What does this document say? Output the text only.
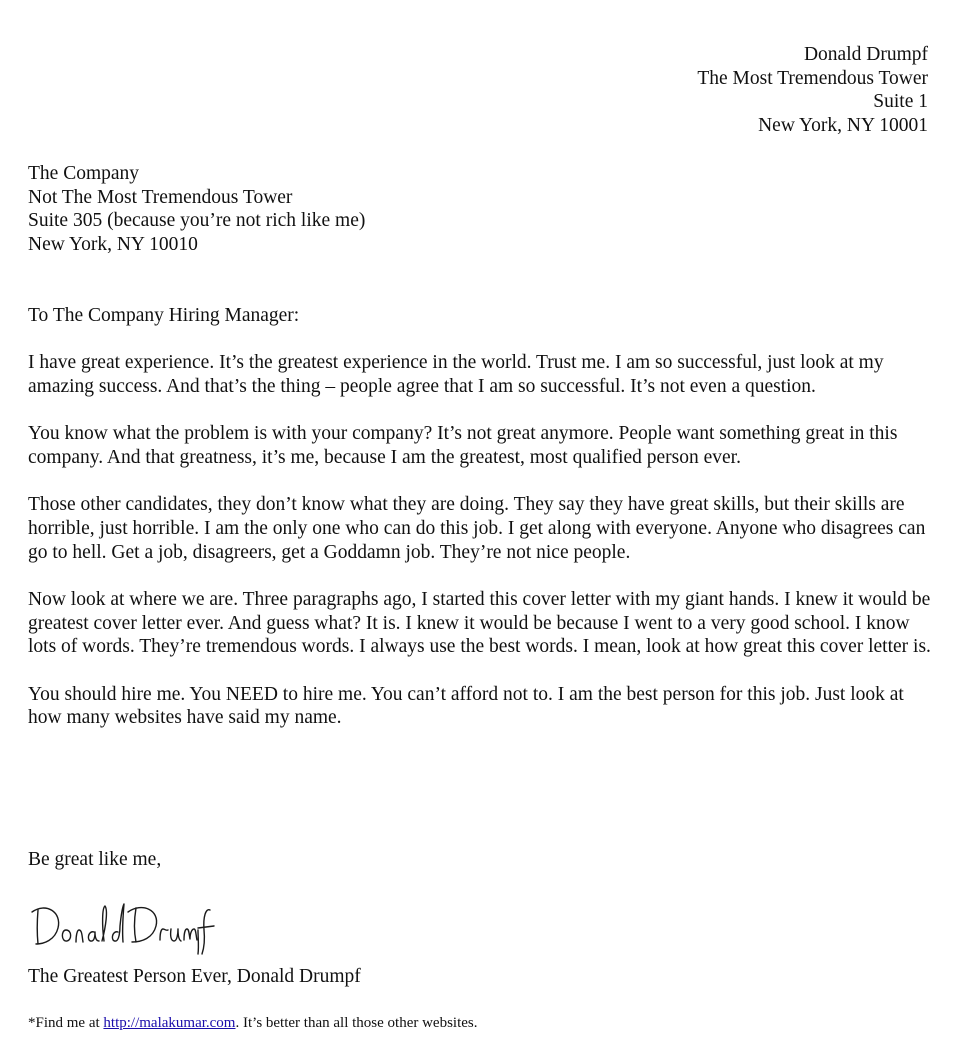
Donald Drumpf
The Most Tremendous Tower
Suite 1
New York, NY 10001
The Company
Not The Most Tremendous Tower
Suite 305 (because you’re not rich like me)
New York, NY 10010
To The Company Hiring Manager:

I have great experience. It’s the greatest experience in the world. Trust me. I am so successful, just look at my amazing success. And that’s the thing – people agree that I am so successful. It’s not even a question.

You know what the problem is with your company? It’s not great anymore. People want something great in this company. And that greatness, it’s me, because I am the greatest, most qualified person ever.

Those other candidates, they don’t know what they are doing. They say they have great skills, but their skills are horrible, just horrible. I am the only one who can do this job. I get along with everyone. Anyone who disagrees can go to hell. Get a job, disagreers, get a Goddamn job. They’re not nice people.

Now look at where we are. Three paragraphs ago, I started this cover letter with my giant hands. I knew it would be greatest cover letter ever. And guess what? It is. I knew it would be because I went to a very good school. I know lots of words. They’re tremendous words. I always use the best words. I mean, look at how great this cover letter is.

You should hire me. You NEED to hire me. You can’t afford not to. I am the best person for this job. Just look at how many websites have said my name.

Be great like me,
The Greatest Person Ever, Donald Drumpf
*Find me at http://malakumar.com. It’s better than all those other websites.
